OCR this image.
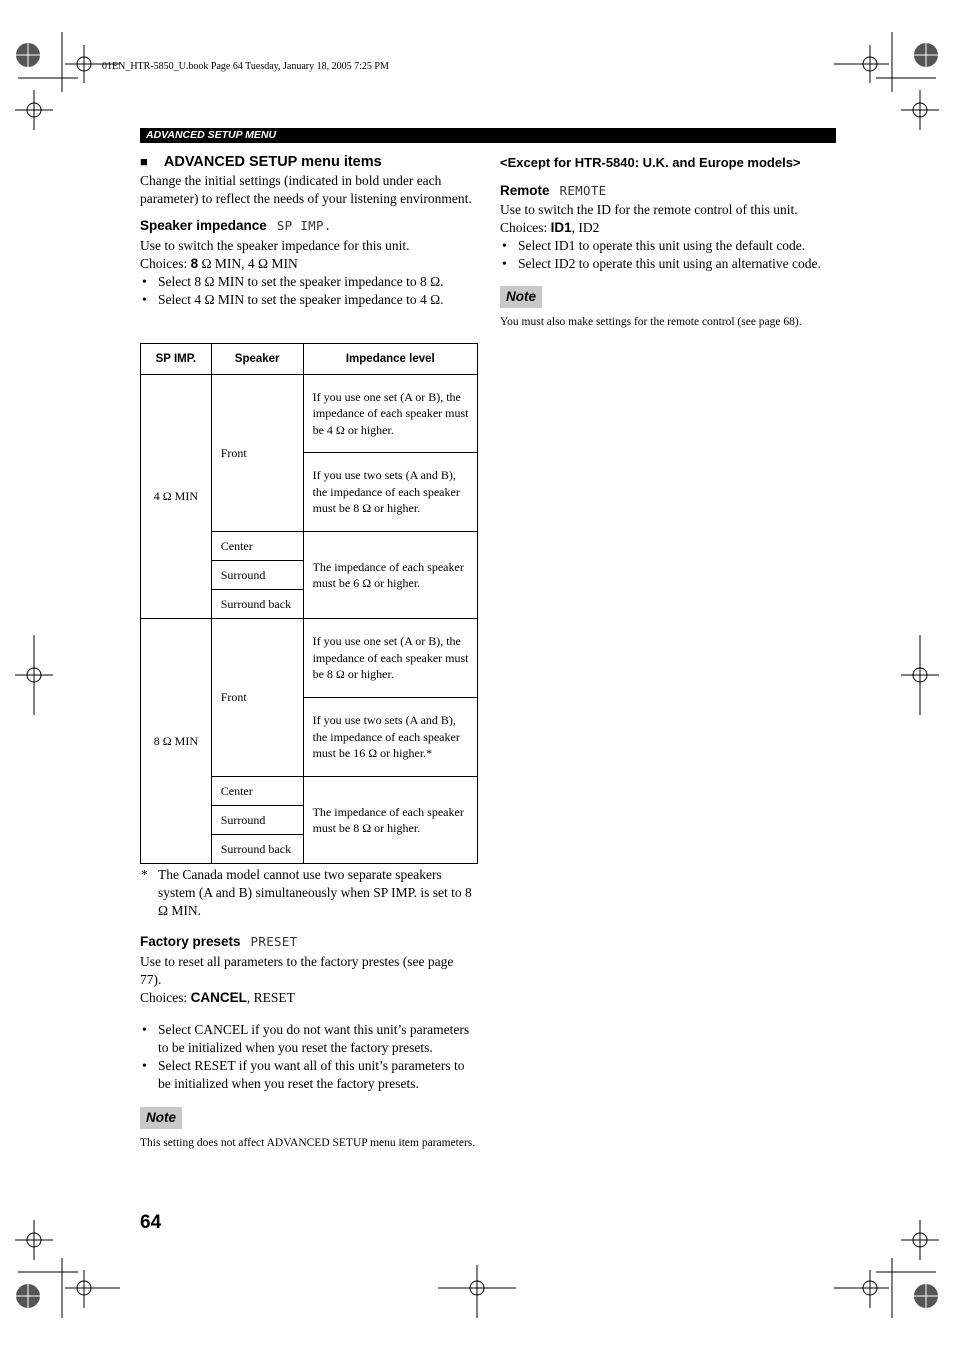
01EN_HTR-5850_U.book Page 64 Tuesday, January 18, 2005 7:25 PM
ADVANCED SETUP MENU
■ ADVANCED SETUP menu items
Change the initial settings (indicated in bold under each parameter) to reflect the needs of your listening environment.
Speaker impedance SP IMP.
Use to switch the speaker impedance for this unit.
Choices: 8 Ω MIN, 4 Ω MIN
• Select 8 Ω MIN to set the speaker impedance to 8 Ω.
• Select 4 Ω MIN to set the speaker impedance to 4 Ω.
SP IMP.	Speaker	Impedance level
4 Ω MIN	Front	If you use one set (A or B), the impedance of each speaker must be 4 Ω or higher.
		If you use two sets (A and B), the impedance of each speaker must be 8 Ω or higher.
	Center	The impedance of each speaker must be 6 Ω or higher.
	Surround	
	Surround back	
8 Ω MIN	Front	If you use one set (A or B), the impedance of each speaker must be 8 Ω or higher.
		If you use two sets (A and B), the impedance of each speaker must be 16 Ω or higher.*
	Center	The impedance of each speaker must be 8 Ω or higher.
	Surround	
	Surround back	
* The Canada model cannot use two separate speakers system (A and B) simultaneously when SP IMP. is set to 8 Ω MIN.
Factory presets PRESET
Use to reset all parameters to the factory prestes (see page 77).
Choices: CANCEL, RESET
• Select CANCEL if you do not want this unit’s parameters to be initialized when you reset the factory presets.
• Select RESET if you want all of this unit’s parameters to be initialized when you reset the factory presets.
Note
This setting does not affect ADVANCED SETUP menu item parameters.
<Except for HTR-5840: U.K. and Europe models>
Remote REMOTE
Use to switch the ID for the remote control of this unit.
Choices: ID1, ID2
• Select ID1 to operate this unit using the default code.
• Select ID2 to operate this unit using an alternative code.
Note
You must also make settings for the remote control (see page 68).
64
